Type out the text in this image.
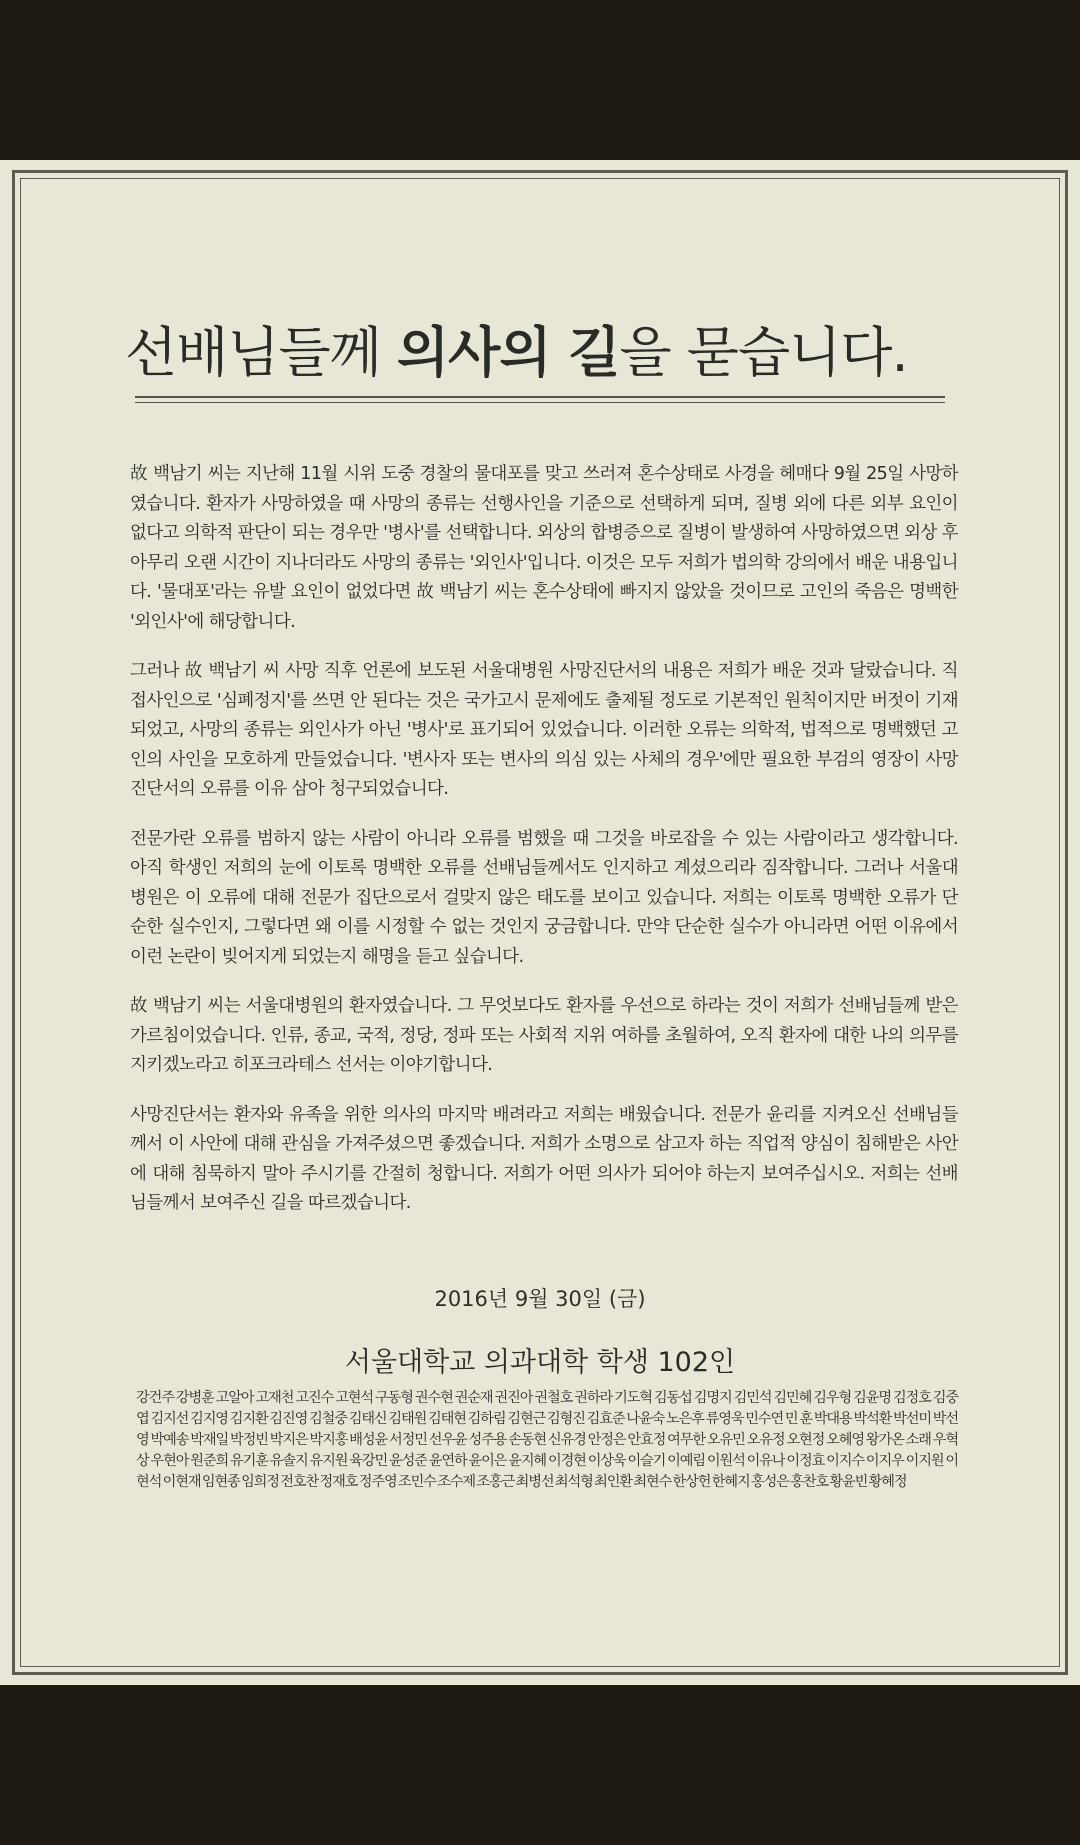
선배님들께 의사의 길을 묻습니다.

故 백남기 씨는 지난해 11월 시위 도중 경찰의 물대포를 맞고 쓰러져 혼수상태로 사경을 헤매다 9월 25일 사망하였습니다. 환자가 사망하였을 때 사망의 종류는 선행사인을 기준으로 선택하게 되며, 질병 외에 다른 외부 요인이 없다고 의학적 판단이 되는 경우만 '병사'를 선택합니다. 외상의 합병증으로 질병이 발생하여 사망하였으면 외상 후 아무리 오랜 시간이 지나더라도 사망의 종류는 '외인사'입니다. 이것은 모두 저희가 법의학 강의에서 배운 내용입니다. '물대포'라는 유발 요인이 없었다면 故 백남기 씨는 혼수상태에 빠지지 않았을 것이므로 고인의 죽음은 명백한 '외인사'에 해당합니다.

그러나 故 백남기 씨 사망 직후 언론에 보도된 서울대병원 사망진단서의 내용은 저희가 배운 것과 달랐습니다. 직접사인으로 '심폐정지'를 쓰면 안 된다는 것은 국가고시 문제에도 출제될 정도로 기본적인 원칙이지만 버젓이 기재되었고, 사망의 종류는 외인사가 아닌 '병사'로 표기되어 있었습니다. 이러한 오류는 의학적, 법적으로 명백했던 고인의 사인을 모호하게 만들었습니다. '변사자 또는 변사의 의심 있는 사체의 경우'에만 필요한 부검의 영장이 사망진단서의 오류를 이유 삼아 청구되었습니다.

전문가란 오류를 범하지 않는 사람이 아니라 오류를 범했을 때 그것을 바로잡을 수 있는 사람이라고 생각합니다. 아직 학생인 저희의 눈에 이토록 명백한 오류를 선배님들께서도 인지하고 계셨으리라 짐작합니다. 그러나 서울대병원은 이 오류에 대해 전문가 집단으로서 걸맞지 않은 태도를 보이고 있습니다. 저희는 이토록 명백한 오류가 단순한 실수인지, 그렇다면 왜 이를 시정할 수 없는 것인지 궁금합니다. 만약 단순한 실수가 아니라면 어떤 이유에서 이런 논란이 빚어지게 되었는지 해명을 듣고 싶습니다.

故 백남기 씨는 서울대병원의 환자였습니다. 그 무엇보다도 환자를 우선으로 하라는 것이 저희가 선배님들께 받은 가르침이었습니다. 인류, 종교, 국적, 정당, 정파 또는 사회적 지위 여하를 초월하여, 오직 환자에 대한 나의 의무를 지키겠노라고 히포크라테스 선서는 이야기합니다.

사망진단서는 환자와 유족을 위한 의사의 마지막 배려라고 저희는 배웠습니다. 전문가 윤리를 지켜오신 선배님들께서 이 사안에 대해 관심을 가져주셨으면 좋겠습니다. 저희가 소명으로 삼고자 하는 직업적 양심이 침해받은 사안에 대해 침묵하지 말아 주시기를 간절히 청합니다. 저희가 어떤 의사가 되어야 하는지 보여주십시오. 저희는 선배님들께서 보여주신 길을 따르겠습니다.

2016년 9월 30일 (금)
서울대학교 의과대학 학생 102인
강건주 강병훈 고알아 고재천 고진수 고현석 구동형 권수현 권순재 권진아 권철호 권하라 기도혁 김동섭 김명지 김민석 김민혜 김우형 김윤명 김정호 김중엽 김지선 김지영 김지환 김진영 김철중 김태신 김태원 김태현 김하림 김현근 김형진 김효준 나윤숙 노은후 류영욱 민수연 민 훈 박대용 박석환 박선미 박선영 박예송 박재일 박정빈 박지은 박지홍 배성윤 서정민 선우윤 성주용 손동현 신유경 안정은 안효정 여무한 오유민 오유정 오현정 오혜영 왕가온 소래 우혁상 우현아 원준희 유기훈 유솔지 유지원 육강민 윤성준 윤연하 윤이은 윤지혜 이경현 이상욱 이슬기 이예림 이원석 이유나 이정효 이지수 이지우 이지원 이현석 이현재 임현종 임희정 전호찬 정재호 정주영 조민수 조수제 조홍근 최병선 최석형 최인환 최현수 한상헌 한혜지 홍성은 홍찬호 황윤빈 황혜정
